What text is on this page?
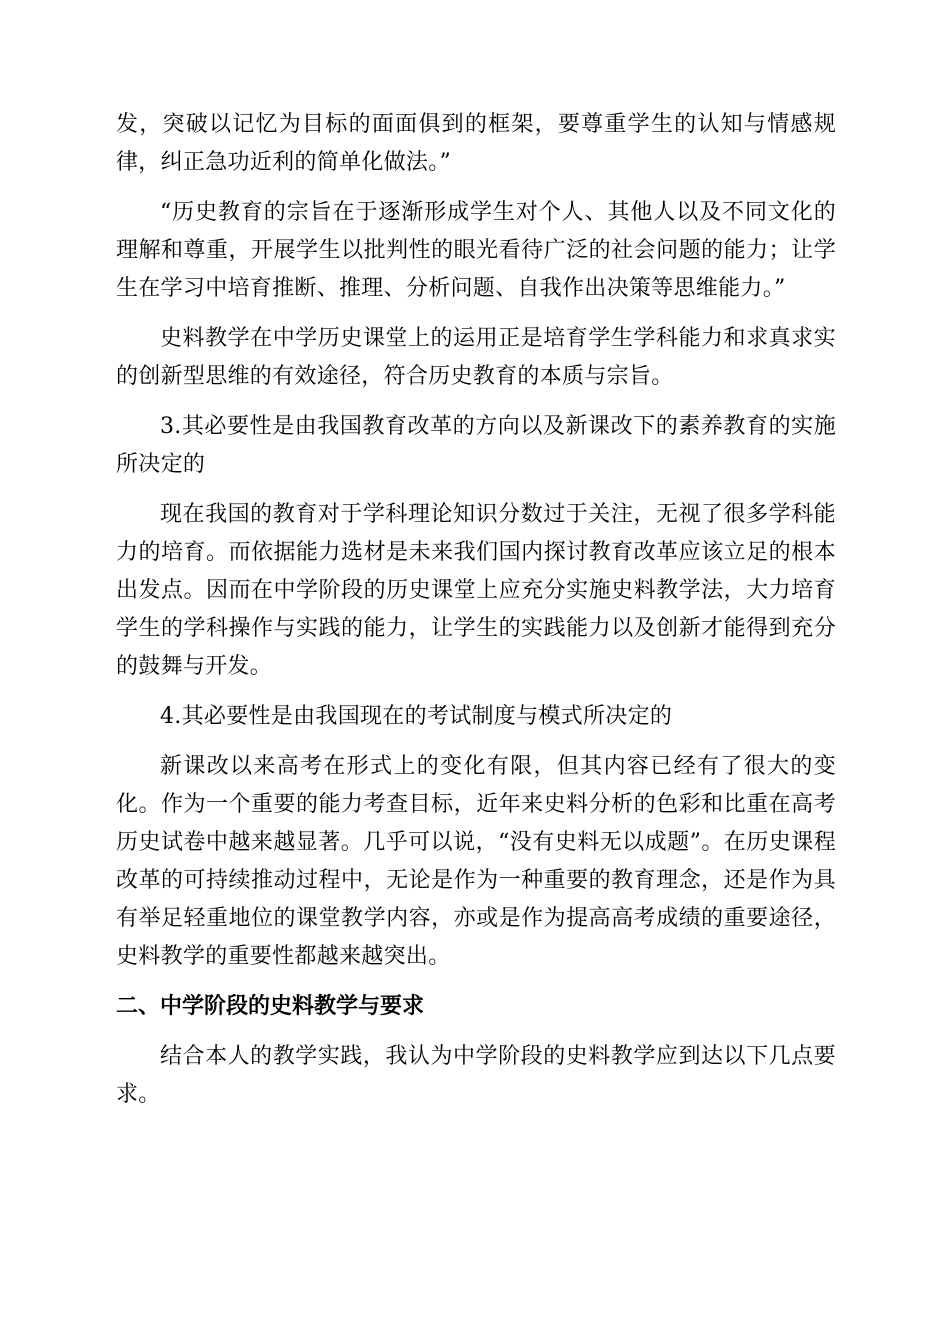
发，突破以记忆为目标的面面俱到的框架，要尊重学生的认知与情感规律，纠正急功近利的简单化做法。”

“历史教育的宗旨在于逐渐形成学生对个人、其他人以及不同文化的理解和尊重，开展学生以批判性的眼光看待广泛的社会问题的能力；让学生在学习中培育推断、推理、分析问题、自我作出决策等思维能力。”

史料教学在中学历史课堂上的运用正是培育学生学科能力和求真求实的创新型思维的有效途径，符合历史教育的本质与宗旨。

3.其必要性是由我国教育改革的方向以及新课改下的素养教育的实施所决定的

现在我国的教育对于学科理论知识分数过于关注，无视了很多学科能力的培育。而依据能力选材是未来我们国内探讨教育改革应该立足的根本出发点。因而在中学阶段的历史课堂上应充分实施史料教学法，大力培育学生的学科操作与实践的能力，让学生的实践能力以及创新才能得到充分的鼓舞与开发。

4.其必要性是由我国现在的考试制度与模式所决定的

新课改以来高考在形式上的变化有限，但其内容已经有了很大的变化。作为一个重要的能力考查目标，近年来史料分析的色彩和比重在高考历史试卷中越来越显著。几乎可以说，“没有史料无以成题”。在历史课程改革的可持续推动过程中，无论是作为一种重要的教育理念，还是作为具有举足轻重地位的课堂教学内容，亦或是作为提高高考成绩的重要途径，史料教学的重要性都越来越突出。

二、中学阶段的史料教学与要求

结合本人的教学实践，我认为中学阶段的史料教学应到达以下几点要求。
